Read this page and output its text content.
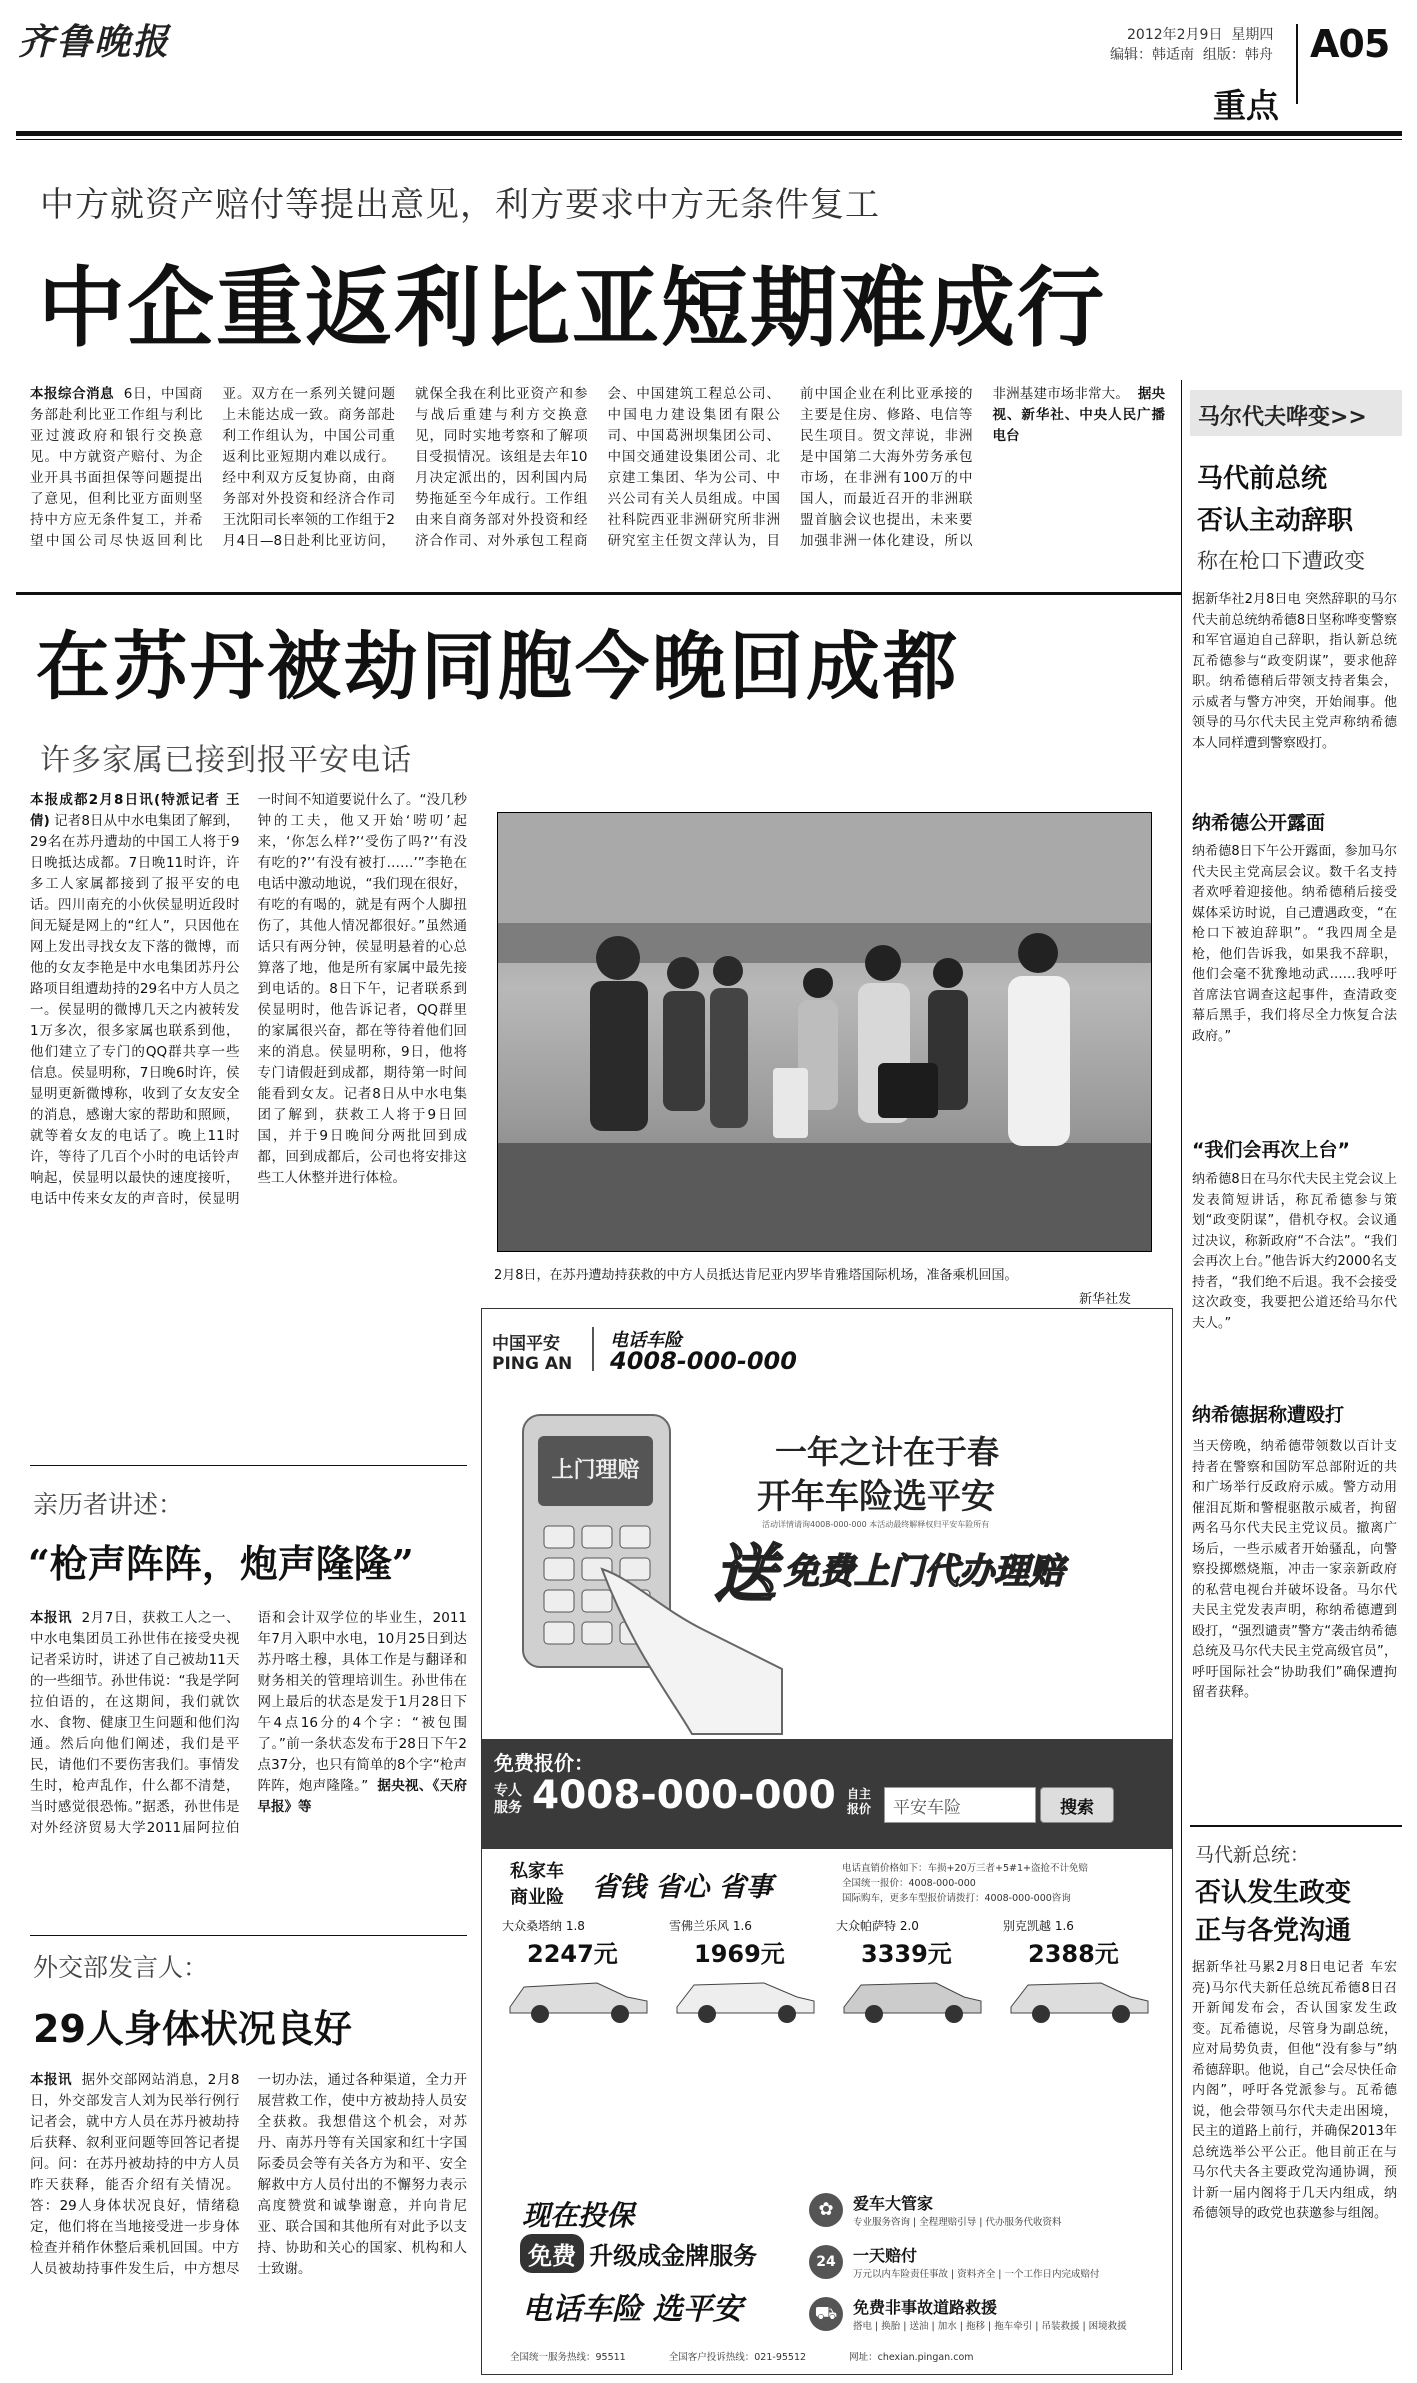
齐鲁晚报	2012年2月9日 星期四
编辑：韩适南 组版：韩舟 A05
重点
中方就资产赔付等提出意见，利方要求中方无条件复工
中企重返利比亚短期难成行
本报综合消息 6日，中国商务部赴利比亚工作组与利比亚过渡政府和银行交换意见。中方就资产赔付、为企业开具书面担保等问题提出了意见，但利比亚方面则坚持中方应无条件复工，并希望中国公司尽快返回利比亚。双方在一系列关键问题上未能达成一致。商务部赴利工作组认为，中国公司重返利比亚短期内难以成行。经中利双方反复协商，由商务部对外投资和经济合作司王沈阳司长率领的工作组于2月4日—8日赴利比亚访问，就保全我在利比亚资产和参与战后重建与利方交换意见，同时实地考察和了解项目受损情况。该组是去年10月决定派出的，因利国内局势拖延至今年成行。工作组由来自商务部对外投资和经济合作司、对外承包工程商会、中国建筑工程总公司、中国电力建设集团有限公司、中国葛洲坝集团公司、中国交通建设集团公司、北京建工集团、华为公司、中兴公司有关人员组成。中国社科院西亚非洲研究所非洲研究室主任贺文萍认为，目前中国企业在利比亚承接的主要是住房、修路、电信等民生项目。贺文萍说，非洲是中国第二大海外劳务承包市场，在非洲有100万的中国人，而最近召开的非洲联盟首脑会议也提出，未来要加强非洲一体化建设，所以非洲基建市场非常大。 据央视、新华社、中央人民广播电台
在苏丹被劫同胞今晚回成都
许多家属已接到报平安电话
本报成都2月8日讯(特派记者 王倩) 记者8日从中水电集团了解到，29名在苏丹遭劫的中国工人将于9日晚抵达成都。7日晚11时许，许多工人家属都接到了报平安的电话。四川南充的小伙侯显明近段时间无疑是网上的“红人”，只因他在网上发出寻找女友下落的微博，而他的女友李艳是中水电集团苏丹公路项目组遭劫持的29名中方人员之一。侯显明的微博几天之内被转发1万多次，很多家属也联系到他，他们建立了专门的QQ群共享一些信息。侯显明称，7日晚6时许，侯显明更新微博称，收到了女友安全的消息，感谢大家的帮助和照顾，就等着女友的电话了。晚上11时许，等待了几百个小时的电话铃声响起，侯显明以最快的速度接听，电话中传来女友的声音时，侯显明一时间不知道要说什么了。“没几秒钟的工夫，他又开始‘唠叨’起来，‘你怎么样?’‘受伤了吗?’‘有没有吃的?’‘有没有被打……’”李艳在电话中激动地说，“我们现在很好，有吃的有喝的，就是有两个人脚扭伤了，其他人情况都很好。”虽然通话只有两分钟，侯显明悬着的心总算落了地，他是所有家属中最先接到电话的。8日下午，记者联系到侯显明时，他告诉记者，QQ群里的家属很兴奋，都在等待着他们回来的消息。侯显明称，9日，他将专门请假赶到成都，期待第一时间能看到女友。记者8日从中水电集团了解到，获救工人将于9日回国，并于9日晚间分两批回到成都，回到成都后，公司也将安排这些工人休整并进行体检。
2月8日，在苏丹遭劫持获救的中方人员抵达肯尼亚内罗毕肯雅塔国际机场，准备乘机回国。
新华社发
亲历者讲述：
“枪声阵阵，炮声隆隆”
本报讯 2月7日，获救工人之一、中水电集团员工孙世伟在接受央视记者采访时，讲述了自己被劫11天的一些细节。孙世伟说：“我是学阿拉伯语的，在这期间，我们就饮水、食物、健康卫生问题和他们沟通。然后向他们阐述，我们是平民，请他们不要伤害我们。事情发生时，枪声乱作，什么都不清楚，当时感觉很恐怖。”据悉，孙世伟是对外经济贸易大学2011届阿拉伯语和会计双学位的毕业生，2011年7月入职中水电，10月25日到达苏丹喀土穆，具体工作是与翻译和财务相关的管理培训生。孙世伟在网上最后的状态是发于1月28日下午4点16分的4个字：“被包围了。”前一条状态发布于28日下午2点37分，也只有简单的8个字“枪声阵阵，炮声隆隆。” 据央视、《天府早报》等
外交部发言人：
29人身体状况良好
本报讯 据外交部网站消息，2月8日，外交部发言人刘为民举行例行记者会，就中方人员在苏丹被劫持后获释、叙利亚问题等回答记者提问。问：在苏丹被劫持的中方人员昨天获释，能否介绍有关情况。答：29人身体状况良好，情绪稳定，他们将在当地接受进一步身体检查并稍作休整后乘机回国。中方人员被劫持事件发生后，中方想尽一切办法，通过各种渠道，全力开展营救工作，使中方被劫持人员安全获救。我想借这个机会，对苏丹、南苏丹等有关国家和红十字国际委员会等有关各方为和平、安全解救中方人员付出的不懈努力表示高度赞赏和诚挚谢意，并向肯尼亚、联合国和其他所有对此予以支持、协助和关心的国家、机构和人士致谢。
马尔代夫哗变>>
马代前总统
否认主动辞职
称在枪口下遭政变
据新华社2月8日电 突然辞职的马尔代夫前总统纳希德8日坚称哗变警察和军官逼迫自己辞职，指认新总统瓦希德参与“政变阴谋”，要求他辞职。纳希德稍后带领支持者集会，示威者与警方冲突，开始闹事。他领导的马尔代夫民主党声称纳希德本人同样遭到警察殴打。
纳希德公开露面
纳希德8日下午公开露面，参加马尔代夫民主党高层会议。数千名支持者欢呼着迎接他。纳希德稍后接受媒体采访时说，自己遭遇政变，“在枪口下被迫辞职”。“我四周全是枪，他们告诉我，如果我不辞职，他们会毫不犹豫地动武……我呼吁首席法官调查这起事件，查清政变幕后黑手，我们将尽全力恢复合法政府。”
“我们会再次上台”
纳希德8日在马尔代夫民主党会议上发表简短讲话，称瓦希德参与策划“政变阴谋”，借机夺权。会议通过决议，称新政府“不合法”。“我们会再次上台。”他告诉大约2000名支持者，“我们绝不后退。我不会接受这次政变，我要把公道还给马尔代夫人。”
纳希德据称遭殴打
当天傍晚，纳希德带领数以百计支持者在警察和国防军总部附近的共和广场举行反政府示威。警方动用催泪瓦斯和警棍驱散示威者，拘留两名马尔代夫民主党议员。撤离广场后，一些示威者开始骚乱，向警察投掷燃烧瓶，冲击一家亲新政府的私营电视台并破坏设备。马尔代夫民主党发表声明，称纳希德遭到殴打，“强烈谴责”警方“袭击纳希德总统及马尔代夫民主党高级官员”，呼吁国际社会“协助我们”确保遭拘留者获释。
马代新总统：
否认发生政变
正与各党沟通
据新华社马累2月8日电记者 车宏亮)马尔代夫新任总统瓦希德8日召开新闻发布会，否认国家发生政变。瓦希德说，尽管身为副总统，应对局势负责，但他“没有参与”纳希德辞职。他说，自己“会尽快任命内阁”，呼吁各党派参与。瓦希德说，他会带领马尔代夫走出困境，民主的道路上前行，并确保2013年总统选举公平公正。他目前正在与马尔代夫各主要政党沟通协调，预计新一届内阁将于几天内组成，纳希德领导的政党也获邀参与组阁。
中国平安
PING AN
电话车险
4008-000-000
上门理赔	一年之计在于春
开年车险选平安
活动详情请询4008-000-000 本活动最终解释权归平安车险所有
送 免费上门代办理赔
免费报价：
专人服务 4008-000-000 自主报价	平安车险	搜索
私家车
商业险 省钱 省心 省事
电话直销价格如下：车损+20万三者+5#1+盗抢不计免赔
全国统一报价：4008-000-000
国际购车，更多车型报价请拨打：4008-000-000咨询
大众桑塔纳 1.8
2247元
雪佛兰乐风 1.6
1969元
大众帕萨特 2.0
3339元
别克凯越 1.6
2388元
现在投保
免费 升级成金牌服务
电话车险 选平安
✿	爱车大管家
专业服务咨询 | 全程理赔引导 | 代办服务代收资料
24	一天赔付
万元以内车险责任事故 | 资料齐全 | 一个工作日内完成赔付
⛟ 免费非事故道路救援
搭电 | 换胎 | 送油 | 加水 | 拖移 | 拖车牵引 | 吊装救援 | 困境救援
全国统一服务热线：95511	全国客户投诉热线：021-95512	网址：chexian.pingan.com
